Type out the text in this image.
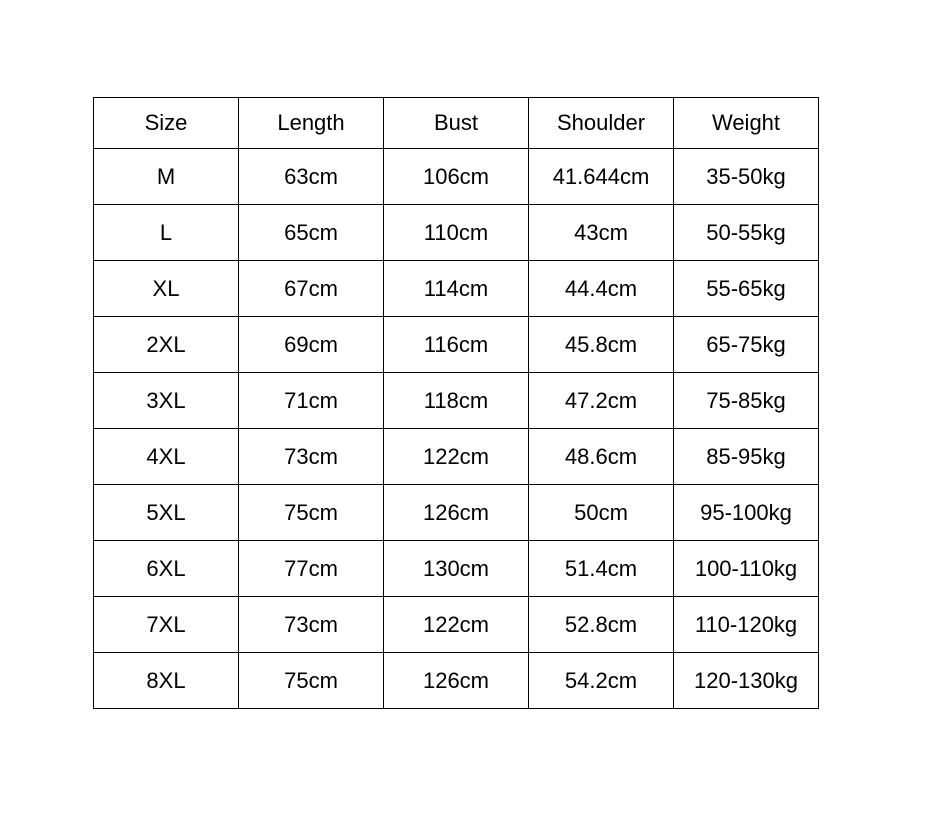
Size	Length	Bust	Shoulder	Weight
M	63cm	106cm	41.644cm	35-50kg
L	65cm	110cm	43cm	50-55kg
XL	67cm	114cm	44.4cm	55-65kg
2XL	69cm	116cm	45.8cm	65-75kg
3XL	71cm	118cm	47.2cm	75-85kg
4XL	73cm	122cm	48.6cm	85-95kg
5XL	75cm	126cm	50cm	95-100kg
6XL	77cm	130cm	51.4cm	100-110kg
7XL	73cm	122cm	52.8cm	110-120kg
8XL	75cm	126cm	54.2cm	120-130kg
